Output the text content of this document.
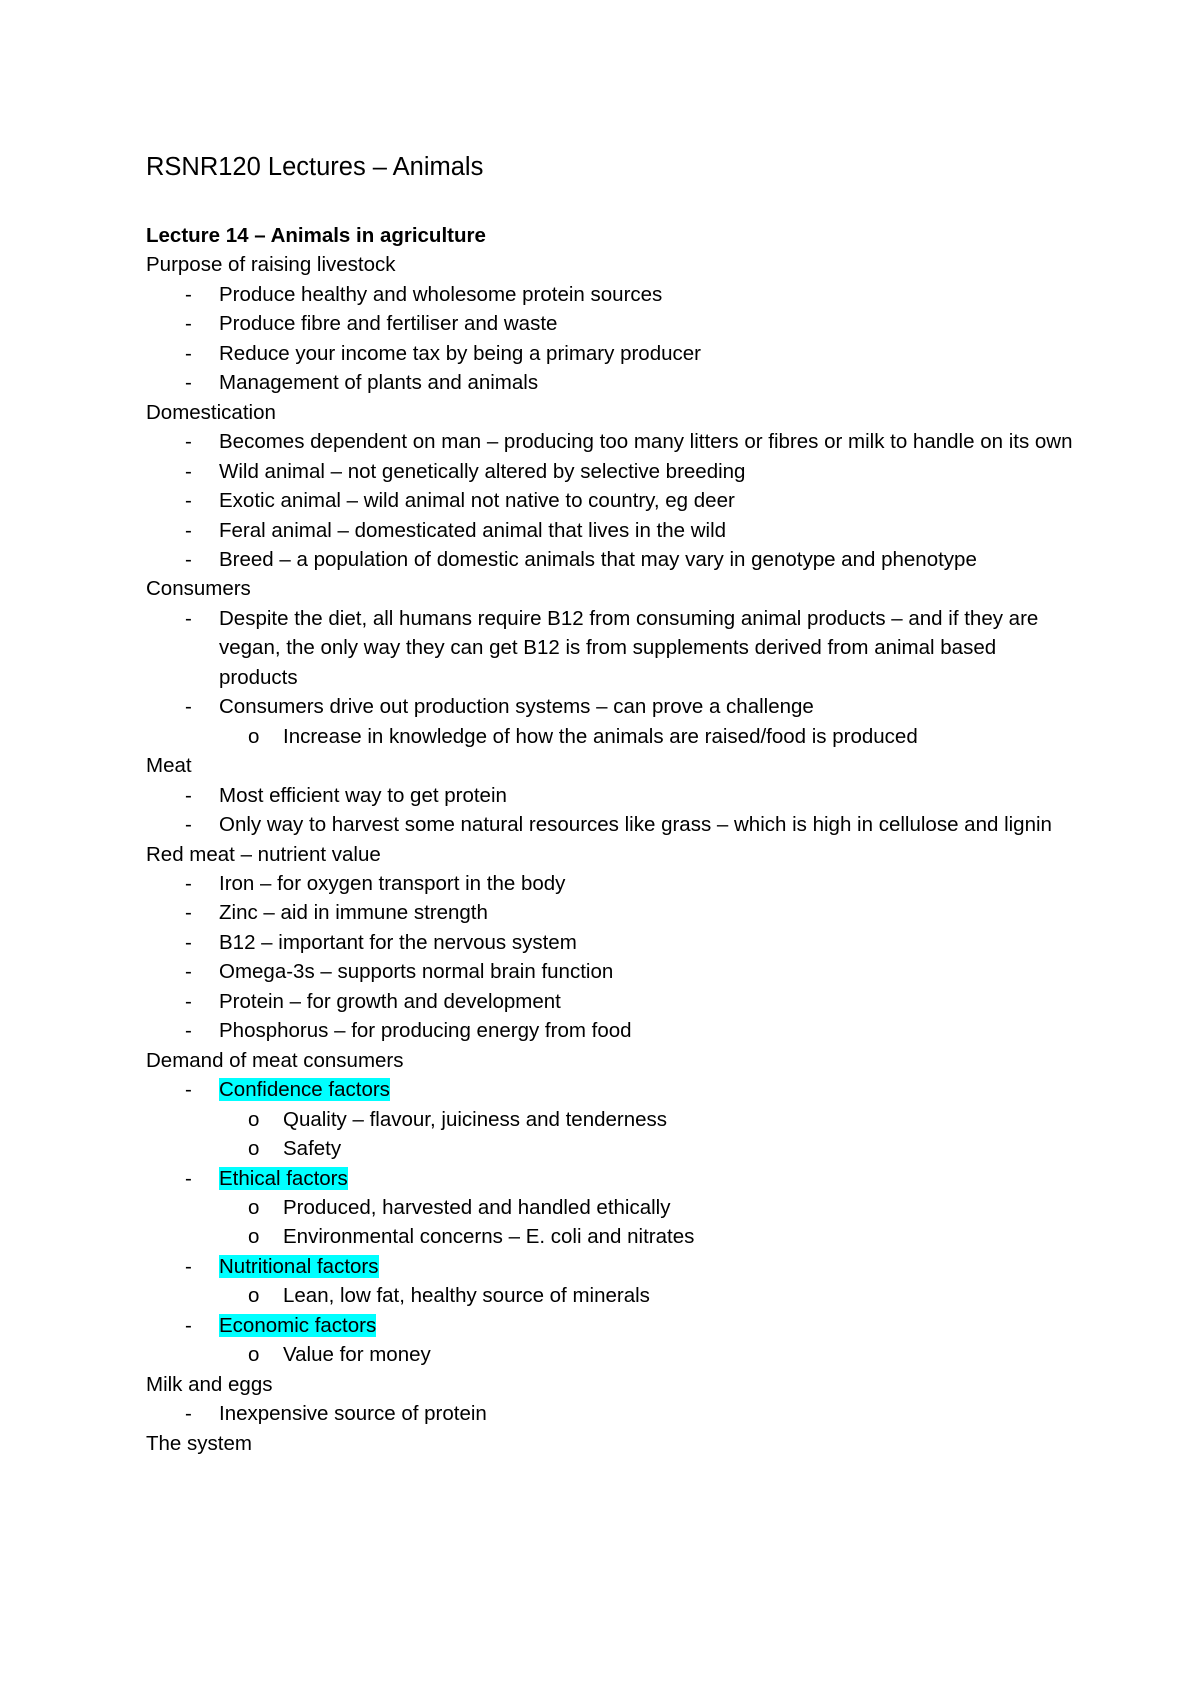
RSNR120 Lectures – Animals
Lecture 14 – Animals in agriculture
Purpose of raising livestock
- Produce healthy and wholesome protein sources
- Produce fibre and fertiliser and waste
- Reduce your income tax by being a primary producer
- Management of plants and animals
Domestication
- Becomes dependent on man – producing too many litters or fibres or milk to handle on its own
- Wild animal – not genetically altered by selective breeding
- Exotic animal – wild animal not native to country, eg deer
- Feral animal – domesticated animal that lives in the wild
- Breed – a population of domestic animals that may vary in genotype and phenotype
Consumers
- Despite the diet, all humans require B12 from consuming animal products – and if they are vegan, the only way they can get B12 is from supplements derived from animal based products
- Consumers drive out production systems – can prove a challenge
o Increase in knowledge of how the animals are raised/food is produced
Meat
- Most efficient way to get protein
- Only way to harvest some natural resources like grass – which is high in cellulose and lignin
Red meat – nutrient value
- Iron – for oxygen transport in the body
- Zinc – aid in immune strength
- B12 – important for the nervous system
- Omega-3s – supports normal brain function
- Protein – for growth and development
- Phosphorus – for producing energy from food
Demand of meat consumers
- Confidence factors
o Quality – flavour, juiciness and tenderness
o Safety
- Ethical factors
o Produced, harvested and handled ethically
o Environmental concerns – E. coli and nitrates
- Nutritional factors
o Lean, low fat, healthy source of minerals
- Economic factors
o Value for money
Milk and eggs
- Inexpensive source of protein
The system
